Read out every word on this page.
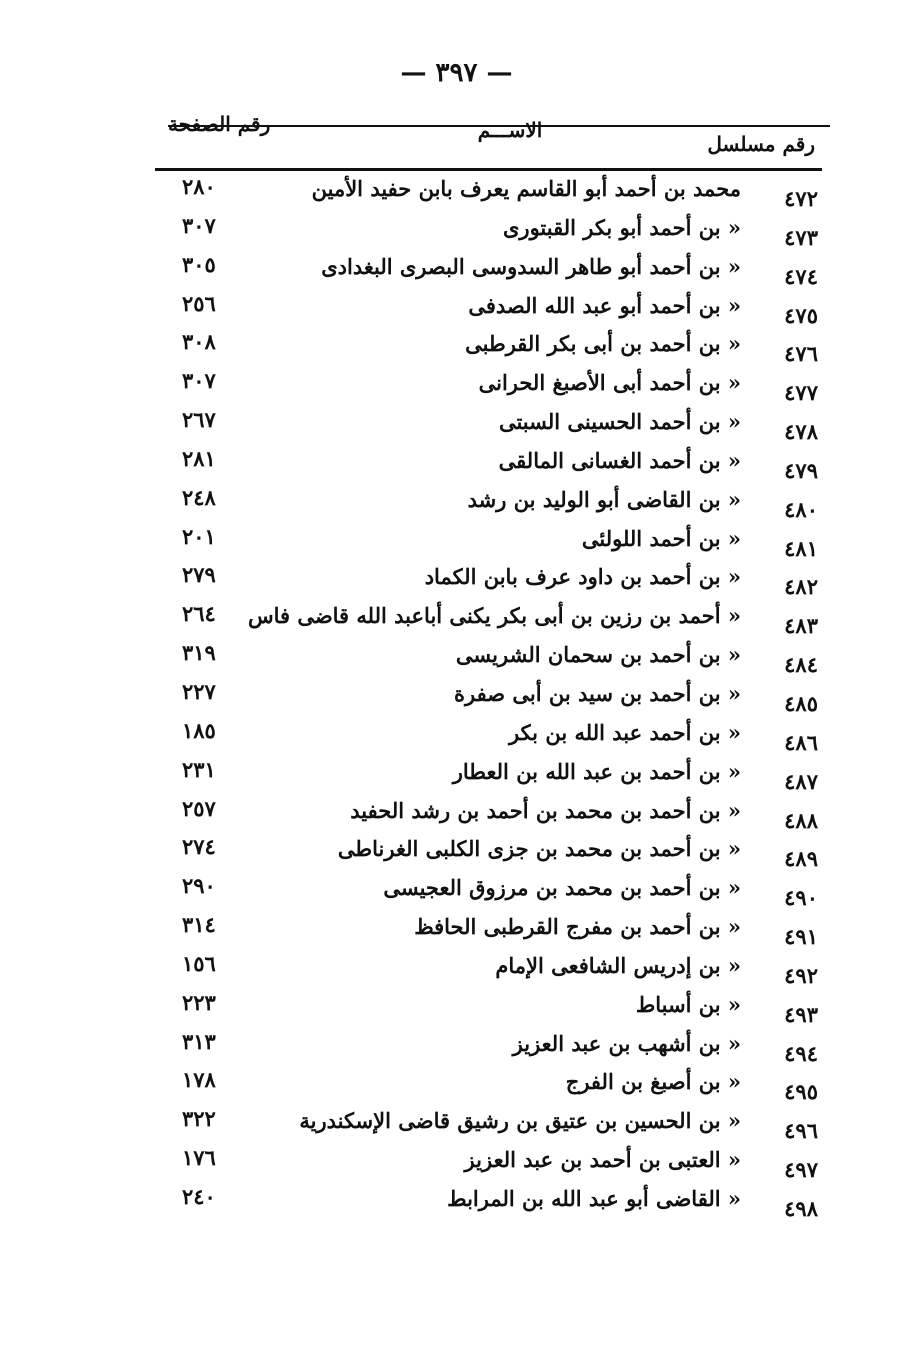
— ٣٩٧ —
رقم مسلسل
الاســـم
رقم الصفحة
٤٧٢
محمد بن أحمد أبو القاسم يعرف بابن حفيد الأمين
٢٨٠
٤٧٣
« بن أحمد أبو بكر القبتورى
٣٠٧
٤٧٤
« بن أحمد أبو طاهر السدوسى البصرى البغدادى
٣٠٥
٤٧٥
« بن أحمد أبو عبد الله الصدفى
٢٥٦
٤٧٦
« بن أحمد بن أبى بكر القرطبى
٣٠٨
٤٧٧
« بن أحمد أبى الأصبغ الحرانى
٣٠٧
٤٧٨
« بن أحمد الحسينى السبتى
٢٦٧
٤٧٩
« بن أحمد الغسانى المالقى
٢٨١
٤٨٠
« بن القاضى أبو الوليد بن رشد
٢٤٨
٤٨١
« بن أحمد اللولئى
٢٠١
٤٨٢
« بن أحمد بن داود عرف بابن الكماد
٢٧٩
٤٨٣
« أحمد بن رزين بن أبى بكر يكنى أباعبد الله قاضى فاس
٢٦٤
٤٨٤
« بن أحمد بن سحمان الشريسى
٣١٩
٤٨٥
« بن أحمد بن سيد بن أبى صفرة
٢٢٧
٤٨٦
« بن أحمد عبد الله بن بكر
١٨٥
٤٨٧
« بن أحمد بن عبد الله بن العطار
٢٣١
٤٨٨
« بن أحمد بن محمد بن أحمد بن رشد الحفيد
٢٥٧
٤٨٩
« بن أحمد بن محمد بن جزى الكلبى الغرناطى
٢٧٤
٤٩٠
« بن أحمد بن محمد بن مرزوق العجيسى
٢٩٠
٤٩١
« بن أحمد بن مفرج القرطبى الحافظ
٣١٤
٤٩٢
« بن إدريس الشافعى الإمام
١٥٦
٤٩٣
« بن أسباط
٢٢٣
٤٩٤
« بن أشهب بن عبد العزيز
٣١٣
٤٩٥
« بن أصبغ بن الفرج
١٧٨
٤٩٦
« بن الحسين بن عتيق بن رشيق قاضى الإسكندرية
٣٢٢
٤٩٧
« العتبى بن أحمد بن عبد العزيز
١٧٦
٤٩٨
« القاضى أبو عبد الله بن المرابط
٢٤٠
